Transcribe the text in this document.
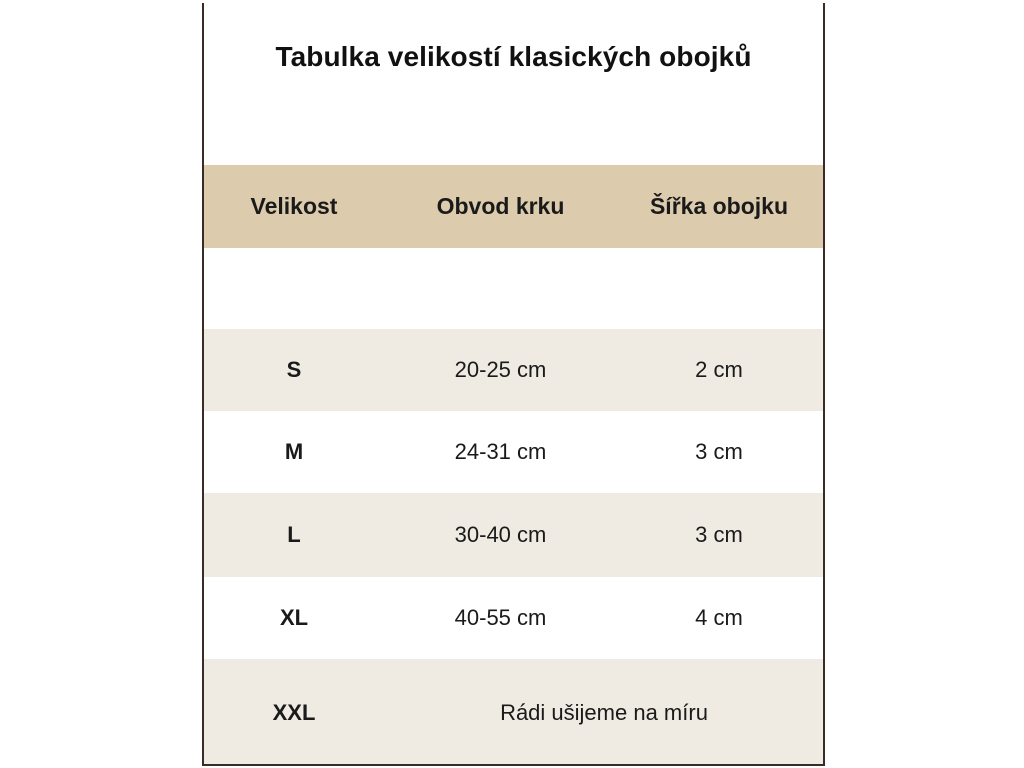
Tabulka velikostí klasických obojků
Velikost	Obvod krku	Šířka obojku
S	20-25 cm	2 cm
M	24-31 cm	3 cm
L	30-40 cm	3 cm
XL	40-55 cm	4 cm
XXL	Rádi ušijeme na míru
